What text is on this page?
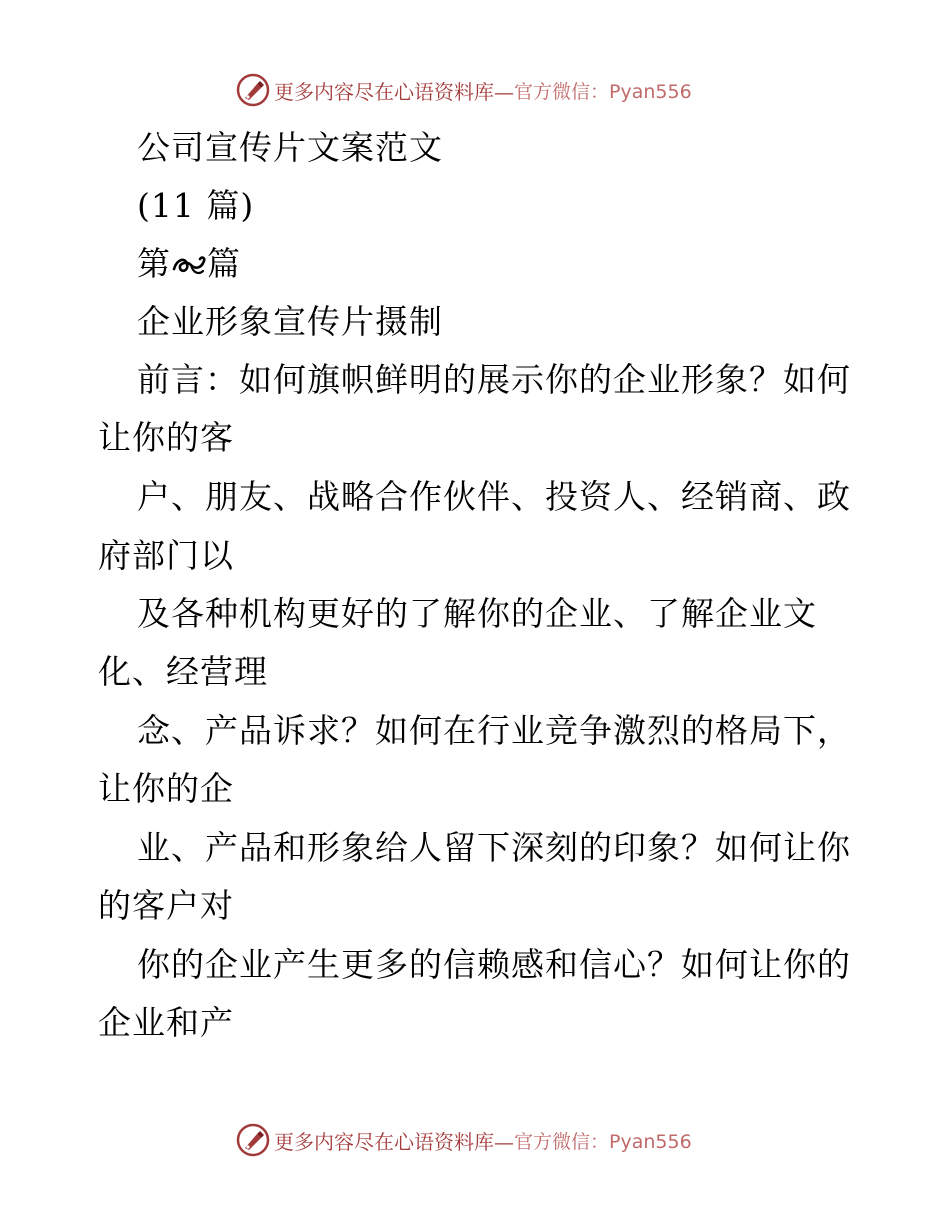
更多内容尽在心语资料库— 官方微信：Pyan556
公司宣传片文案范文
(11 篇)
第 篇
企业形象宣传片摄制
前言：如何旗帜鲜明的展示你的企业形象？如何
让你的客
户、朋友、战略合作伙伴、投资人、经销商、政
府部门以
及各种机构更好的了解你的企业、了解企业文
化、经营理
念、产品诉求？如何在行业竞争激烈的格局下，
让你的企
业、产品和形象给人留下深刻的印象？如何让你
的客户对
你的企业产生更多的信赖感和信心？如何让你的
企业和产
更多内容尽在心语资料库— 官方微信：Pyan556
